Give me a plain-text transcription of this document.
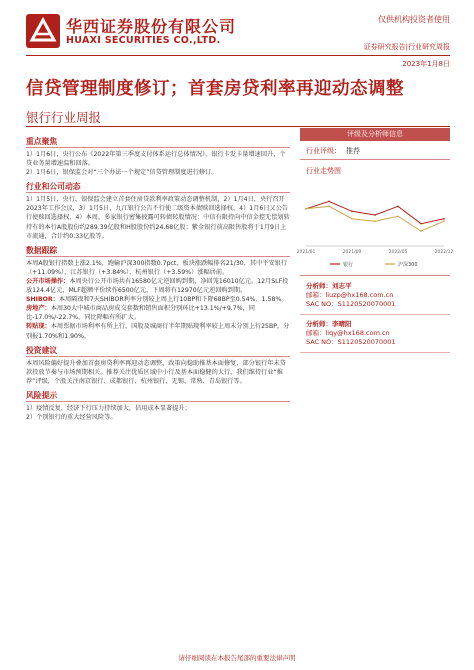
华西证券股份有限公司
HUAXI SECURITIES CO.,LTD.
仅供机构投资者使用
证券研究报告|行业研究周报
2023年1月8日
信贷管理制度修订；首套房贷利率再迎动态调整
银行行业周报
重点聚焦
1）1月6日，央行公布《2022年第三季度支付体系运行总体情况》，银行卡发卡量增速回升，个贷业务量增速温和回落。
2）1月6日，银保监会对“三个办法一个规定”信贷管理制度进行修订。
行业和公司动态
1）1月5日，央行、银保监会建立首套住房贷款利率政策动态调整机制，2）1月4日，央行召开2023年工作会议，3）1月5日，九江银行公告不行使二级资本债赎回选择权，4）1月6日又公告行使赎回选择权，4）本周，多家银行密集披露可转债转股情况：中信有限持向中信金控无偿划转持有的本行A股股份约289.39亿股和H股股份约24.68亿股；紫金银行前高限售股将于1月9日上市流通，合计约0.33亿股等。
数据跟踪
本周A股银行指数上涨2.1%，跑输沪深300指数0.7pct，板块涨跌幅排名21/30，其中平安银行（+11.09%）、江苏银行（+3.84%）、杭州银行（+3.59%）涨幅居前。
公开市场操作：本周央行公开市场共有16580亿元逆回购到期，净回笼16010亿元。12月SLF投放124.4亿元，MLF超额平价续作6500亿元，下周将有12970亿元逆回购到期。
SHIBOR：本周隔夜和7天SHIBOR利率分别较上周上行10BP和下降68BP至0.54%、1.58%。
房地产：本周30大中城市商品房成交套数和销售面积分别环比+13.1%/+9.7%，同比-17.0%/-22.7%，同比降幅有所扩大。
转贴现：本周票据市场利率有所上行，国股及城商行半年期贴现利率较上周末分别上行25BP，分别报1.70%和1.90%。
投资建议
本周风险偏好提升叠加首套房贷利率再迎动态调整，政策向稳助推基本面修复，部分银行年末贷款投放节奏与市场预期相关。推荐关注优质区域中小行及基本面稳健的大行，我们维持行业“推荐”评级，个股关注南京银行、成都银行、杭州银行、无锡、常熟、青岛银行等。
风险提示
1）疫情反复，经济下行压力持续加大，信用成本显著提升；
2）个别银行的重大经营风险等。
评级及分析师信息
行业评级： 推荐
行业走势图
2021/01	2021/09	2022/05	2022/12
银行	沪深300
分析师：刘志平
邮箱：liuzp@hx168.com.cn
SAC NO：S1120520070001
分析师：李晴阳
邮箱：liqy@hx168.com.cn
SAC NO：S1120520070001
请仔细阅读在本报告尾部的重要法律声明
